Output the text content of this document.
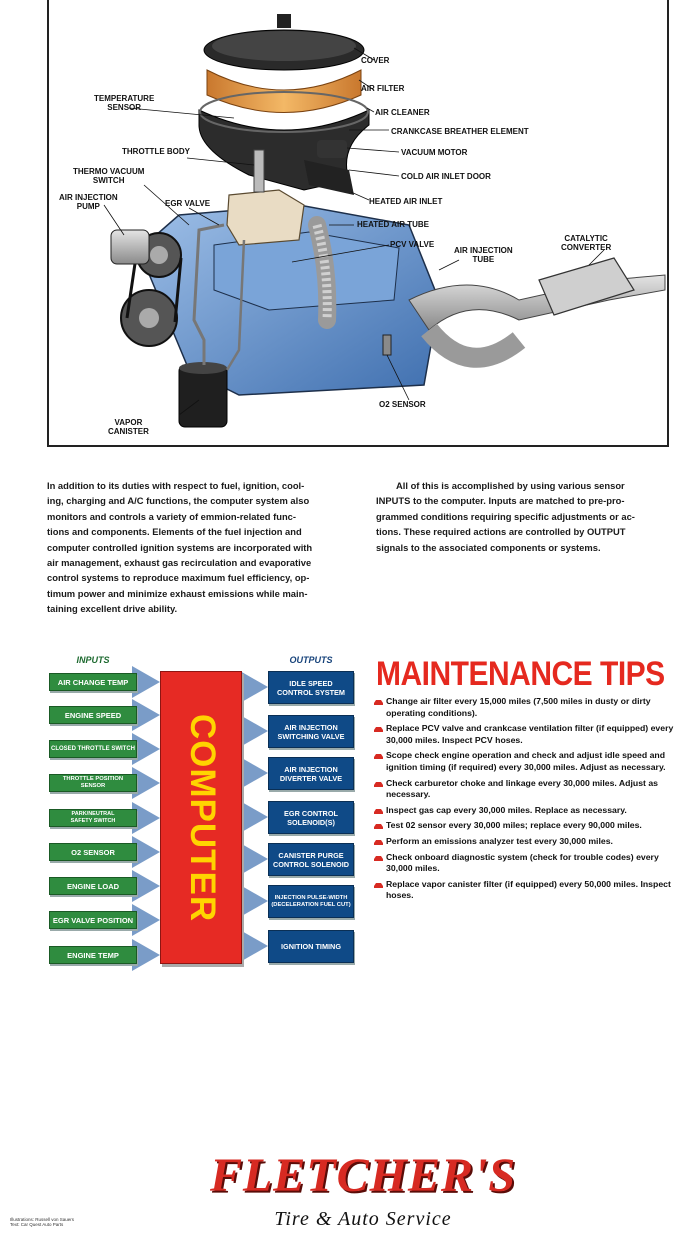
COVER
AIR FILTER
AIR CLEANER
CRANKCASE BREATHER ELEMENT
VACUUM MOTOR
COLD AIR INLET DOOR
HEATED AIR INLET
HEATED AIR TUBE
PCV VALVE
AIR INJECTION
TUBE
CATALYTIC
CONVERTER
O2 SENSOR
VAPOR
CANISTER
TEMPERATURE
SENSOR
THROTTLE BODY
THERMO VACUUM
SWITCH
AIR INJECTION
PUMP	EGR VALVE
In addition to its duties with respect to fuel, ignition, cool-
ing, charging and A/C functions, the computer system also
monitors and controls a variety of emmion-related func-
tions and components. Elements of the fuel injection and
computer controlled ignition systems are incorporated with
air management, exhaust gas recirculation and evaporative
control systems to reproduce maximum fuel efficiency, op-
timum power and minimize exhaust emissions while main-
taining excellent drive ability.
All of this is accomplished by using various sensor
INPUTS to the computer. Inputs are matched to pre-pro-
grammed conditions requiring specific adjustments or ac-
tions. These required actions are controlled by OUTPUT
signals to the associated components or systems.
INPUTS	OUTPUTS
AIR CHANGE TEMP
ENGINE SPEED
CLOSED THROTTLE SWITCH
THROTTLE POSITION SENSOR
PARK/NEUTRAL SAFETY SWITCH
O2 SENSOR
ENGINE LOAD
EGR VALVE POSITION
ENGINE TEMP
COMPUTER
IDLE SPEED CONTROL SYSTEM
AIR INJECTION SWITCHING VALVE
AIR INJECTION DIVERTER VALVE
EGR CONTROL SOLENOID(S)
CANISTER PURGE CONTROL SOLENOID
INJECTION PULSE-WIDTH (DECELERATION FUEL CUT)
IGNITION TIMING
MAINTENANCE TIPS
Change air filter every 15,000 miles (7,500 miles in dusty or dirty operating conditions).
Replace PCV valve and crankcase ventilation filter (if equipped) every 30,000 miles. Inspect PCV hoses.
Scope check engine operation and check and adjust idle speed and ignition timing (if required) every 30,000 miles. Adjust as necessary.
Check carburetor choke and linkage every 30,000 miles. Adjust as necessary.
Inspect gas cap every 30,000 miles. Replace as necessary.
Test 02 sensor every 30,000 miles; replace every 90,000 miles.
Perform an emissions analyzer test every 30,000 miles.
Check onboard diagnostic system (check for trouble codes) every 30,000 miles.
Replace vapor canister filter (if equipped) every 50,000 miles. Inspect hoses.
FLETCHER'S
Tire & Auto Service
Illustrations: Russell von Sauers
Text: Car Quest Auto Parts
